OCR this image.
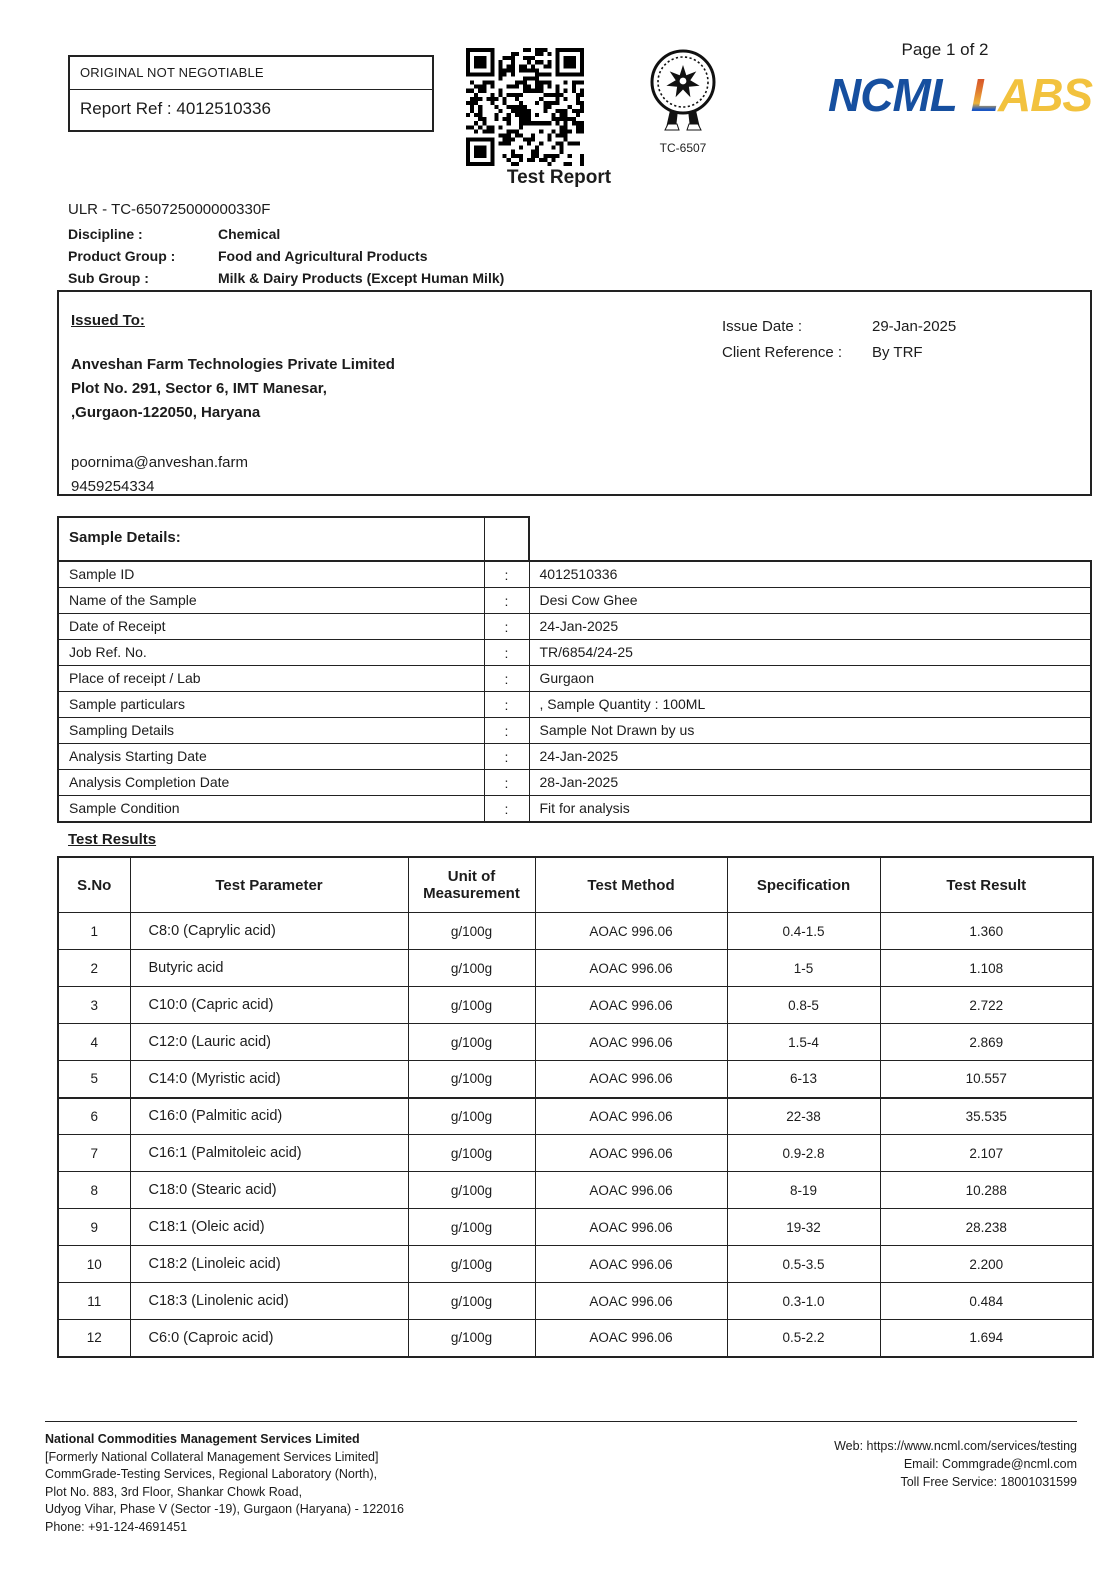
ORIGINAL NOT NEGOTIABLE
Report Ref : 4012510336
TC-6507
Page 1 of 2
NCML LABS
Test Report
ULR - TC-650725000000330F
Discipline :	Chemical
Product Group :	Food and Agricultural Products
Sub Group :	Milk & Dairy Products (Except Human Milk)
Issued To:
Anveshan Farm Technologies Private Limited
Plot No. 291, Sector 6, IMT Manesar,
,Gurgaon-122050, Haryana
poornima@anveshan.farm
9459254334
Issue Date :	29-Jan-2025
Client Reference :	By TRF
Sample Details:
Sample ID	:	4012510336
Name of the Sample	:	Desi Cow Ghee
Date of Receipt	:	24-Jan-2025
Job Ref. No.	:	TR/6854/24-25
Place of receipt / Lab	:	Gurgaon
Sample particulars	:	, Sample Quantity : 100ML
Sampling Details	:	Sample Not Drawn by us
Analysis Starting Date	:	24-Jan-2025
Analysis Completion Date	:	28-Jan-2025
Sample Condition	:	Fit for analysis
Test Results
S.No	Test Parameter	Unit of Measurement	Test Method	Specification	Test Result
1	C8:0 (Caprylic acid)	g/100g	AOAC 996.06	0.4-1.5	1.360
2	Butyric acid	g/100g	AOAC 996.06	1-5	1.108
3	C10:0 (Capric acid)	g/100g	AOAC 996.06	0.8-5	2.722
4	C12:0 (Lauric acid)	g/100g	AOAC 996.06	1.5-4	2.869
5	C14:0 (Myristic acid)	g/100g	AOAC 996.06	6-13	10.557
6	C16:0 (Palmitic acid)	g/100g	AOAC 996.06	22-38	35.535
7	C16:1 (Palmitoleic acid)	g/100g	AOAC 996.06	0.9-2.8	2.107
8	C18:0 (Stearic acid)	g/100g	AOAC 996.06	8-19	10.288
9	C18:1 (Oleic acid)	g/100g	AOAC 996.06	19-32	28.238
10	C18:2 (Linoleic acid)	g/100g	AOAC 996.06	0.5-3.5	2.200
11	C18:3 (Linolenic acid)	g/100g	AOAC 996.06	0.3-1.0	0.484
12	C6:0 (Caproic acid)	g/100g	AOAC 996.06	0.5-2.2	1.694
National Commodities Management Services Limited
[Formerly National Collateral Management Services Limited]
CommGrade-Testing Services, Regional Laboratory (North),
Plot No. 883, 3rd Floor, Shankar Chowk Road,
Udyog Vihar, Phase V (Sector -19), Gurgaon (Haryana) - 122016
Phone: +91-124-4691451
Web: https://www.ncml.com/services/testing
Email: Commgrade@ncml.com
Toll Free Service: 18001031599
